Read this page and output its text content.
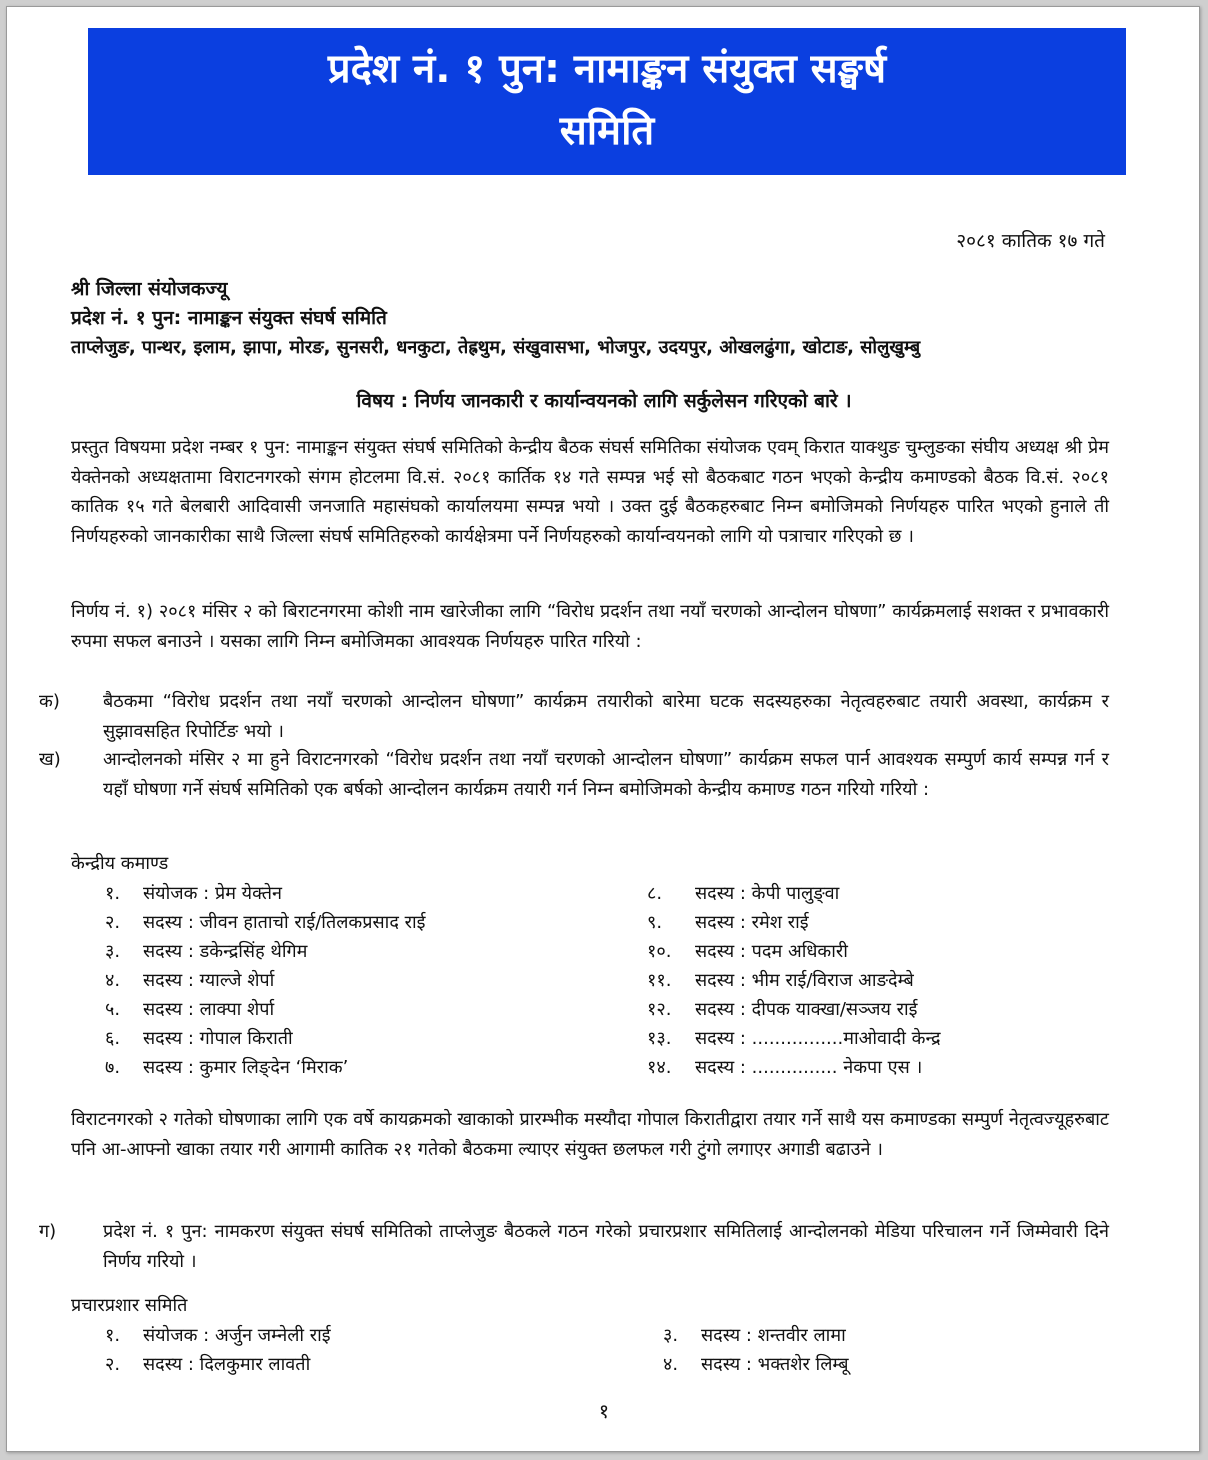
प्रदेश नं. १ पुन: नामाङ्कन संयुक्त सङ्घर्ष
समिति
२०८१ कातिक १७ गते
श्री जिल्ला संयोजकज्यू
प्रदेश नं. १ पुन: नामाङ्कन संयुक्त संघर्ष समिति
ताप्लेजुङ, पान्थर, इलाम, झापा, मोरङ, सुनसरी, धनकुटा, तेह्रथुम, संखुवासभा, भोजपुर, उदयपुर, ओखलढुंगा, खोटाङ, सोलुखुम्बु
विषय : निर्णय जानकारी र कार्यान्वयनको लागि सर्कुलेसन गरिएको बारे ।
प्रस्तुत विषयमा प्रदेश नम्बर १ पुन: नामाङ्कन संयुक्त संघर्ष समितिको केन्द्रीय बैठक संघर्स समितिका संयोजक एवम् किरात याक्थुङ चुम्लुङका संघीय अध्यक्ष श्री प्रेम येक्तेनको अध्यक्षतामा विराटनगरको संगम होटलमा वि.सं. २०८१ कार्तिक १४ गते सम्पन्न भई सो बैठकबाट गठन भएको केन्द्रीय कमाण्डको बैठक वि.सं. २०८१ कातिक १५ गते बेलबारी आदिवासी जनजाति महासंघको कार्यालयमा सम्पन्न भयो । उक्त दुई बैठकहरुबाट निम्न बमोजिमको निर्णयहरु पारित भएको हुनाले ती निर्णयहरुको जानकारीका साथै जिल्ला संघर्ष समितिहरुको कार्यक्षेत्रमा पर्ने निर्णयहरुको कार्यान्वयनको लागि यो पत्राचार गरिएको छ ।
निर्णय नं. १) २०८१ मंसिर २ को बिराटनगरमा कोशी नाम खारेजीका लागि “विरोध प्रदर्शन तथा नयाँ चरणको आन्दोलन घोषणा” कार्यक्रमलाई सशक्त र प्रभावकारी रुपमा सफल बनाउने । यसका लागि निम्न बमोजिमका आवश्यक निर्णयहरु पारित गरियो :
क) बैठकमा “विरोध प्रदर्शन तथा नयाँ चरणको आन्दोलन घोषणा” कार्यक्रम तयारीको बारेमा घटक सदस्यहरुका नेतृत्वहरुबाट तयारी अवस्था, कार्यक्रम र सुझावसहित रिपोर्टिङ भयो ।
ख) आन्दोलनको मंसिर २ मा हुने विराटनगरको “विरोध प्रदर्शन तथा नयाँ चरणको आन्दोलन घोषणा” कार्यक्रम सफल पार्न आवश्यक सम्पुर्ण कार्य सम्पन्न गर्न र यहाँ घोषणा गर्ने संघर्ष समितिको एक बर्षको आन्दोलन कार्यक्रम तयारी गर्न निम्न बमोजिमको केन्द्रीय कमाण्ड गठन गरियो गरियो :
केन्द्रीय कमाण्ड
१. संयोजक : प्रेम येक्तेन
२. सदस्य : जीवन हाताचो राई/तिलकप्रसाद राई
३. सदस्य : डकेन्द्रसिंह थेगिम
४. सदस्य : ग्याल्जे शेर्पा
५. सदस्य : लाक्पा शेर्पा
६. सदस्य : गोपाल किराती
७. सदस्य : कुमार लिङ्देन ‘मिराक’
८. सदस्य : केपी पालुङ्वा
९. सदस्य : रमेश राई
१०. सदस्य : पदम अधिकारी
११. सदस्य : भीम राई/विराज आङदेम्बे
१२. सदस्य : दीपक याक्खा/सञ्जय राई
१३. सदस्य : ................माओवादी केन्द्र
१४. सदस्य : ............... नेकपा एस ।
विराटनगरको २ गतेको घोषणाका लागि एक वर्षे कायक्रमको खाकाको प्रारम्भीक मस्यौदा गोपाल किरातीद्वारा तयार गर्ने साथै यस कमाण्डका सम्पुर्ण नेतृत्वज्यूहरुबाट पनि आ-आफ्नो खाका तयार गरी आगामी कातिक २१ गतेको बैठकमा ल्याएर संयुक्त छलफल गरी टुंगो लगाएर अगाडी बढाउने ।
ग)	प्रदेश नं. १ पुन: नामकरण संयुक्त संघर्ष समितिको ताप्लेजुङ बैठकले गठन गरेको प्रचारप्रशार समितिलाई आन्दोलनको मेडिया परिचालन गर्ने जिम्मेवारी दिने निर्णय गरियो ।
प्रचारप्रशार समिति
१. संयोजक : अर्जुन जम्नेली राई
२. सदस्य : दिलकुमार लावती
३. सदस्य : शन्तवीर लामा
४. सदस्य : भक्तशेर लिम्बू
१
